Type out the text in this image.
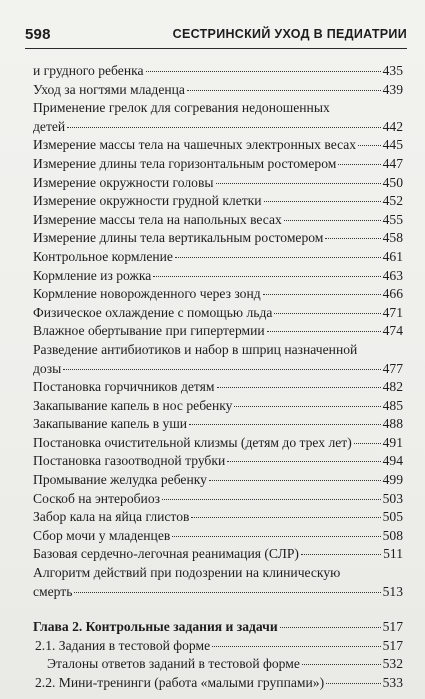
598	СЕСТРИНСКИЙ УХОД В ПЕДИАТРИИ
и грудного ребенка	435
Уход за ногтями младенца	439
Применение грелок для согревания недоношенных
детей	442
Измерение массы тела на чашечных электронных весах 445
Измерение длины тела горизонтальным ростомером	447
Измерение окружности головы	450
Измерение окружности грудной клетки	452
Измерение массы тела на напольных весах	455
Измерение длины тела вертикальным ростомером	458
Контрольное кормление	461
Кормление из рожка	463
Кормление новорожденного через зонд	466
Физическое охлаждение с помощью льда	471
Влажное обертывание при гипертермии	474
Разведение антибиотиков и набор в шприц назначенной
дозы	477
Постановка горчичников детям	482
Закапывание капель в нос ребенку	485
Закапывание капель в уши	488
Постановка очистительной клизмы (детям до трех лет) 491
Постановка газоотводной трубки	494
Промывание желудка ребенку	499
Соскоб на энтеробиоз	503
Забор кала на яйца глистов	505
Сбор мочи у младенцев	508
Базовая сердечно-легочная реанимация (СЛР)	511
Алгоритм действий при подозрении на клиническую
смерть	513
Глава 2. Контрольные задания и задачи	517
2.1. Задания в тестовой форме	517
Эталоны ответов заданий в тестовой форме	532
2.2. Мини-тренинги (работа «малыми группами»)	533
